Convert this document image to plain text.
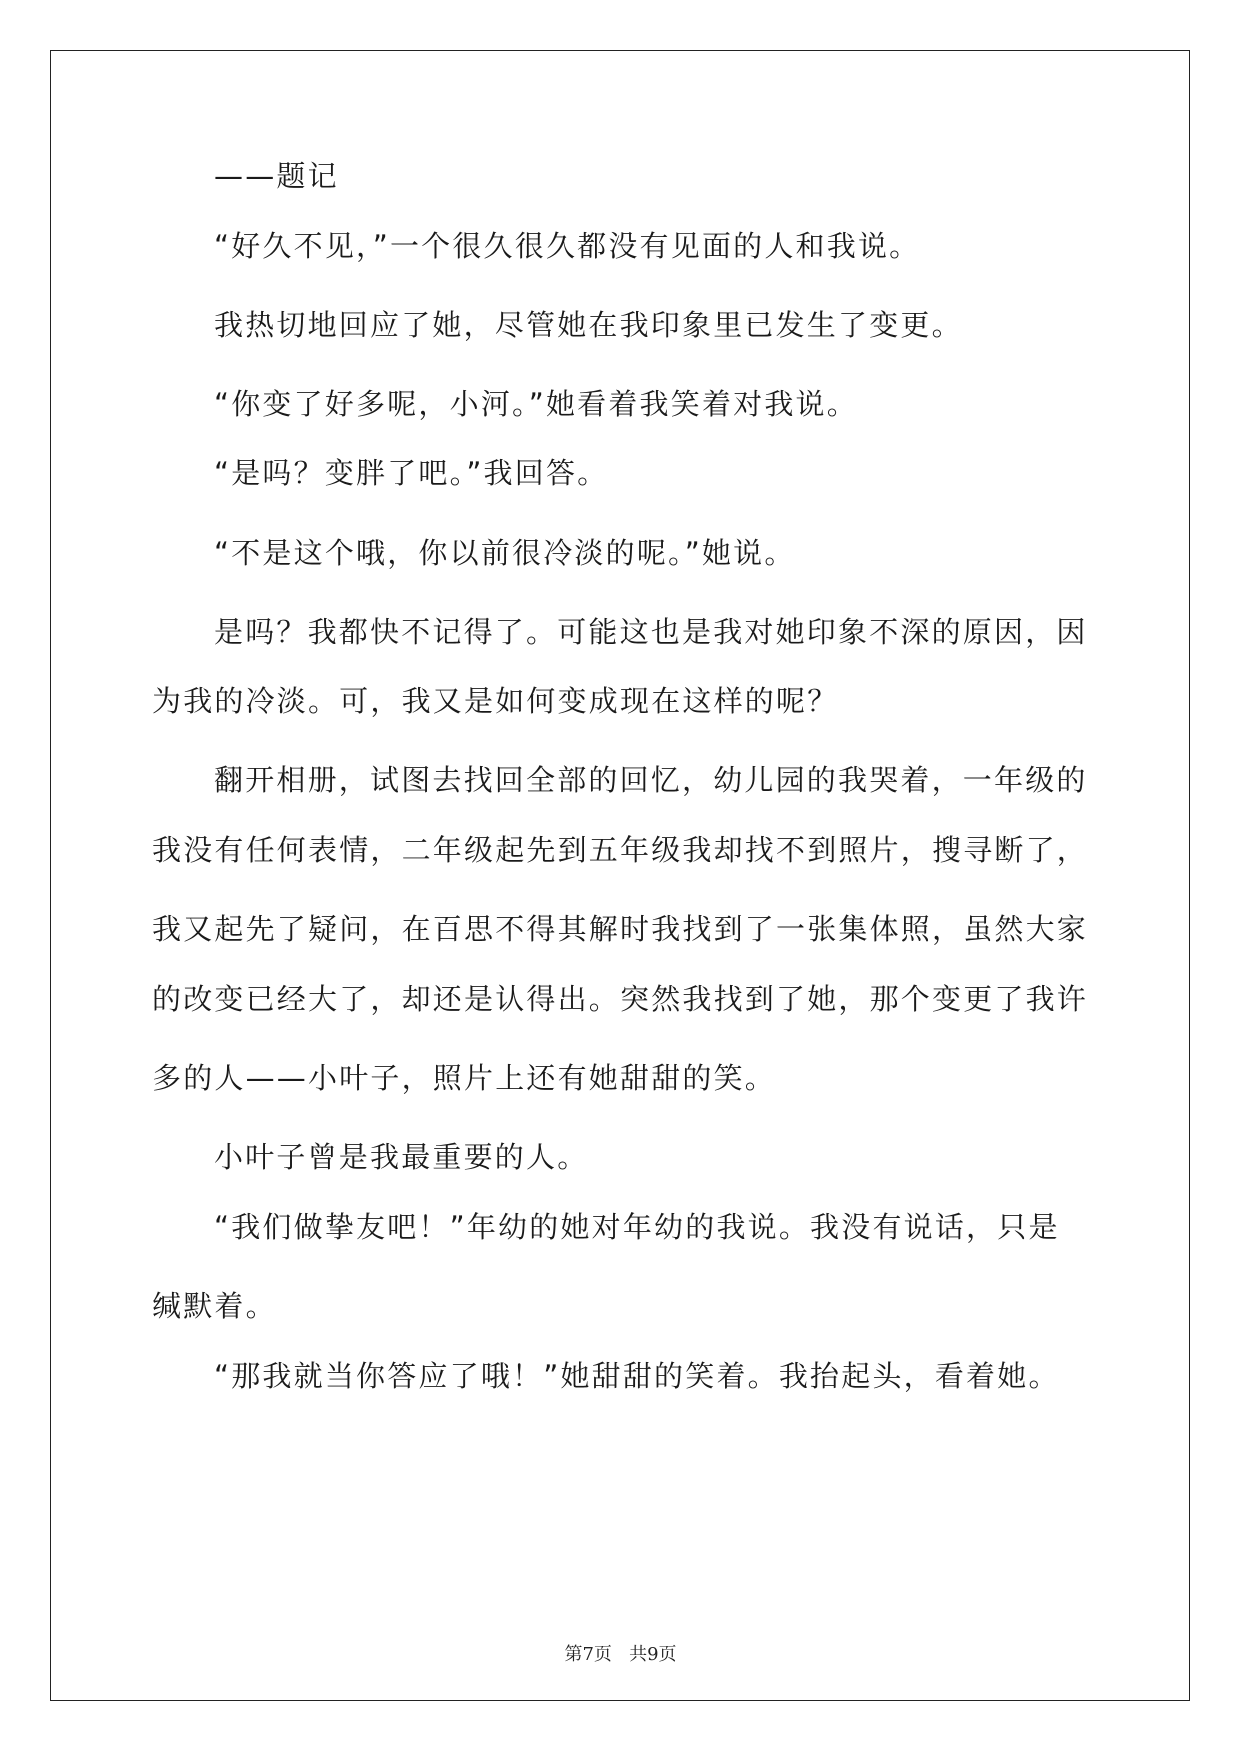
——题记
“好久不见，”一个很久很久都没有见面的人和我说。
我热切地回应了她，尽管她在我印象里已发生了变更。
“你变了好多呢，小河。”她看着我笑着对我说。
“是吗？变胖了吧。”我回答。
“不是这个哦，你以前很冷淡的呢。”她说。
是吗？我都快不记得了。可能这也是我对她印象不深的原因，因
为我的冷淡。可，我又是如何变成现在这样的呢？
翻开相册，试图去找回全部的回忆，幼儿园的我哭着，一年级的
我没有任何表情，二年级起先到五年级我却找不到照片，搜寻断了，
我又起先了疑问，在百思不得其解时我找到了一张集体照，虽然大家
的改变已经大了，却还是认得出。突然我找到了她，那个变更了我许
多的人——小叶子，照片上还有她甜甜的笑。
小叶子曾是我最重要的人。
“我们做挚友吧！”年幼的她对年幼的我说。我没有说话，只是
缄默着。
“那我就当你答应了哦！”她甜甜的笑着。我抬起头，看着她。
第7页 共9页
